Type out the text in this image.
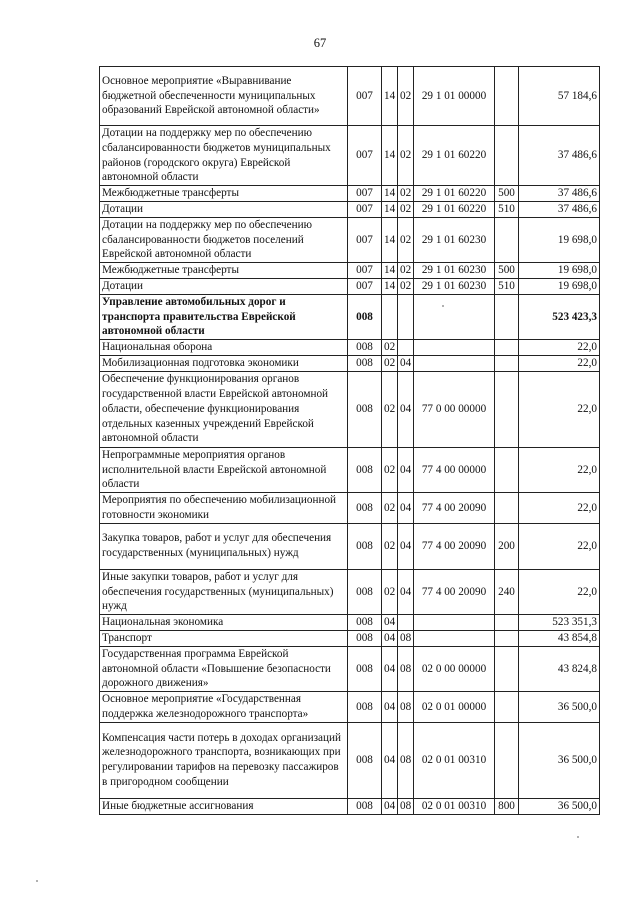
67
Основное мероприятие «Выравнивание бюджетной обеспеченности муниципальных образований Еврейской автономной области»	007	14	02	29 1 01 00000		57 184,6
Дотации на поддержку мер по обеспечению сбалансированности бюджетов муниципальных районов (городского округа) Еврейской автономной области	007	14	02	29 1 01 60220		37 486,6
Межбюджетные трансферты	007	14	02	29 1 01 60220	500	37 486,6
Дотации	007	14	02	29 1 01 60220	510	37 486,6
Дотации на поддержку мер по обеспечению сбалансированности бюджетов поселений Еврейской автономной области	007	14	02	29 1 01 60230		19 698,0
Межбюджетные трансферты	007	14	02	29 1 01 60230	500	19 698,0
Дотации	007	14	02	29 1 01 60230	510	19 698,0
Управление автомобильных дорог и транспорта правительства Еврейской автономной области	008					523 423,3
Национальная оборона	008	02				22,0
Мобилизационная подготовка экономики	008	02	04			22,0
Обеспечение функционирования органов государственной власти Еврейской автономной области, обеспечение функционирования отдельных казенных учреждений Еврейской автономной области	008	02	04	77 0 00 00000		22,0
Непрограммные мероприятия органов исполнительной власти Еврейской автономной области	008	02	04	77 4 00 00000		22,0
Мероприятия по обеспечению мобилизационной готовности экономики	008	02	04	77 4 00 20090		22,0
Закупка товаров, работ и услуг для обеспечения государственных (муниципальных) нужд	008	02	04	77 4 00 20090	200	22,0
Иные закупки товаров, работ и услуг для обеспечения государственных (муниципальных) нужд	008	02	04	77 4 00 20090	240	22,0
Национальная экономика	008	04				523 351,3
Транспорт	008	04	08			43 854,8
Государственная программа Еврейской автономной области «Повышение безопасности дорожного движения»	008	04	08	02 0 00 00000		43 824,8
Основное мероприятие «Государственная поддержка железнодорожного транспорта»	008	04	08	02 0 01 00000		36 500,0
Компенсация части потерь в доходах организаций железнодорожного транспорта, возникающих при регулировании тарифов на перевозку пассажиров в пригородном сообщении	008	04	08	02 0 01 00310		36 500,0
Иные бюджетные ассигнования	008	04	08	02 0 01 00310	800	36 500,0
